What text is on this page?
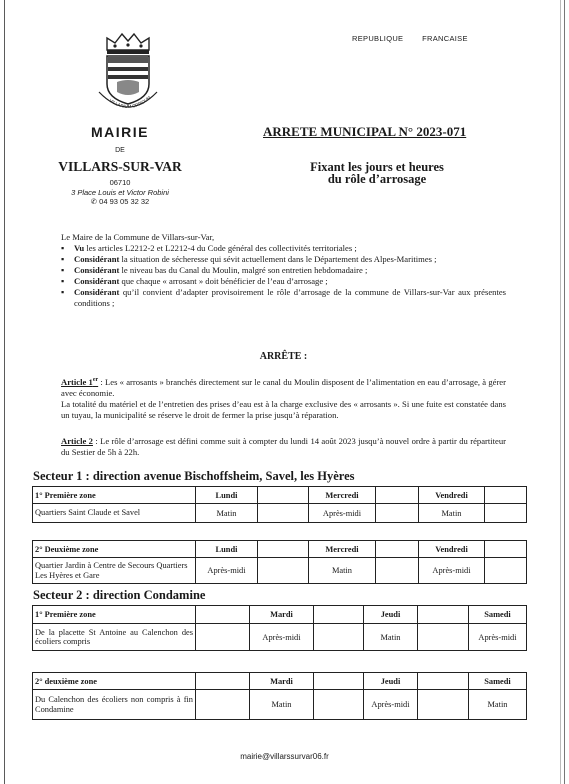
VILLARIUM OPPIDUM
REPUBLIQUE	FRANCAISE
MAIRIE
DE
VILLARS-SUR-VAR
06710
3 Place Louis et Victor Robini
✆ 04 93 05 32 32
ARRETE MUNICIPAL N° 2023-071
Fixant les jours et heures
du rôle d’arrosage
Le Maire de la Commune de Villars-sur-Var,
▪ Vu les articles L2212-2 et L2212-4 du Code général des collectivités territoriales ;
▪ Considérant la situation de sécheresse qui sévit actuellement dans le Département des Alpes-Maritimes ;
▪ Considérant le niveau bas du Canal du Moulin, malgré son entretien hebdomadaire ;
▪ Considérant que chaque « arrosant » doit bénéficier de l’eau d’arrosage ;
▪ Considérant qu’il convient d’adapter provisoirement le rôle d’arrosage de la commune de Villars-sur-Var aux présentes conditions ;
ARRÊTE :
Article 1er : Les « arrosants » branchés directement sur le canal du Moulin disposent de l’alimentation en eau d’arrosage, à gérer avec économie.
La totalité du matériel et de l’entretien des prises d’eau est à la charge exclusive des « arrosants ». Si une fuite est constatée dans un tuyau, la municipalité se réserve le droit de fermer la prise jusqu’à réparation.
Article 2 : Le rôle d’arrosage est défini comme suit à compter du lundi 14 août 2023 jusqu’à nouvel ordre à partir du répartiteur du Sestier de 5h à 22h.
Secteur 1 : direction avenue Bischoffsheim, Savel, les Hyères
1° Première zone	Lundi		Mercredi		Vendredi	
Quartiers Saint Claude et Savel	Matin		Après-midi		Matin	
2° Deuxième zone	Lundi		Mercredi		Vendredi	
Quartier Jardin à Centre de Secours Quartiers Les Hyères et Gare	Après-midi		Matin		Après-midi	
Secteur 2 : direction Condamine
1° Première zone		Mardi		Jeudi		Samedi
De la placette St Antoine au Calenchon des écoliers compris		Après-midi		Matin		Après-midi
2° deuxième zone		Mardi		Jeudi		Samedi
Du Calenchon des écoliers non compris à fin Condamine		Matin		Après-midi		Matin
mairie@villarssurvar06.fr
